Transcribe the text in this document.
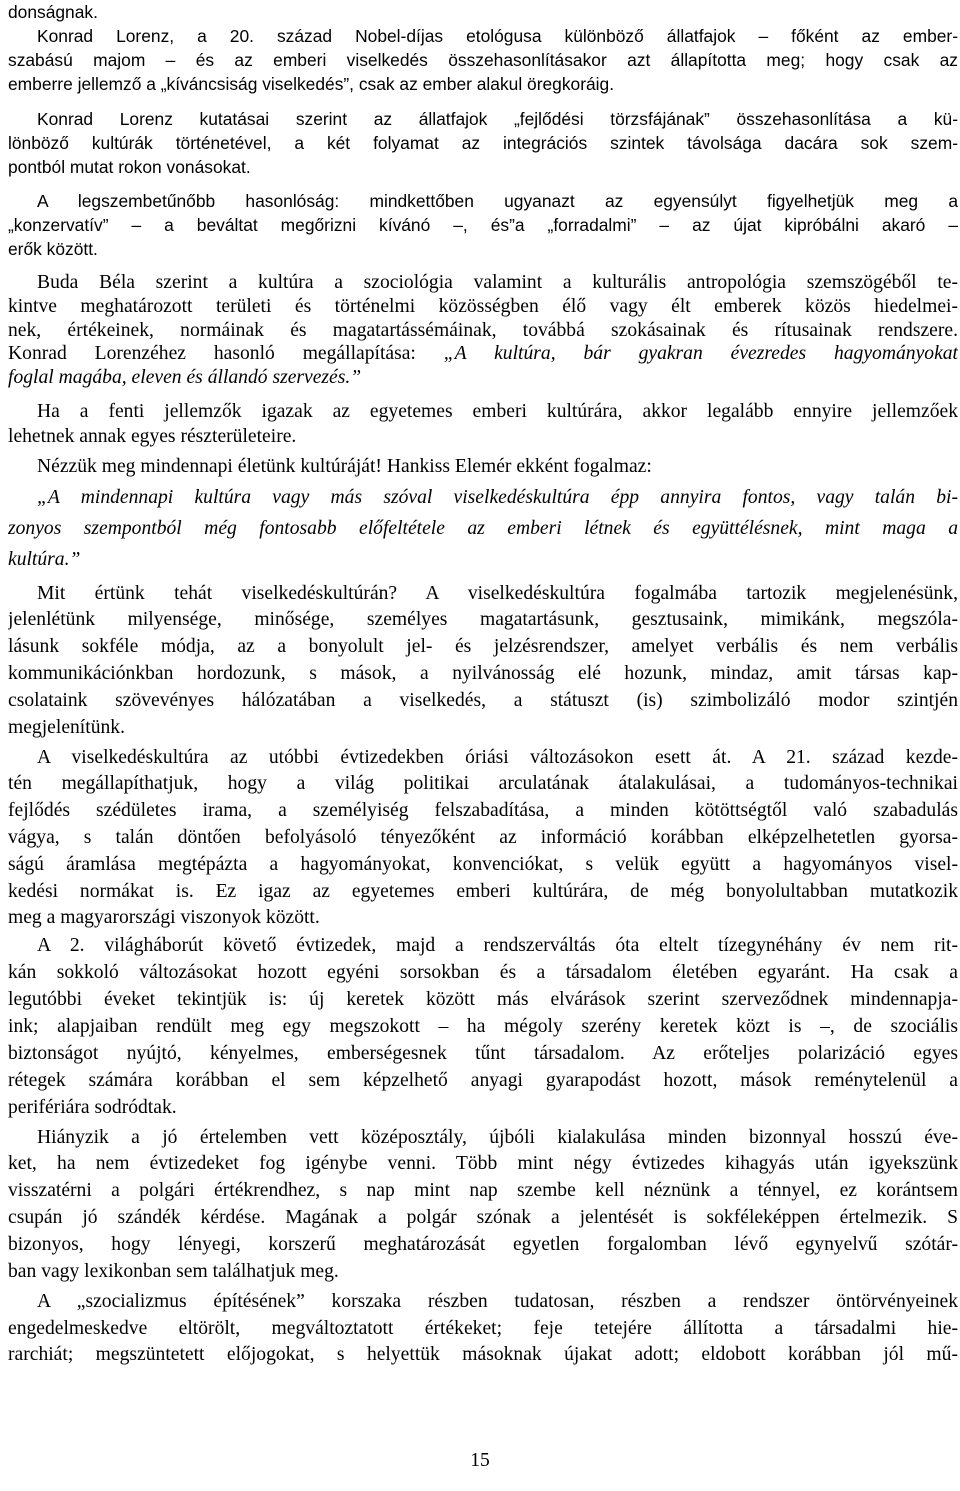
donságnak.
Konrad Lorenz, a 20. század Nobel-díjas etológusa különböző állatfajok – főként az ember-
szabású majom – és az emberi viselkedés összehasonlításakor azt állapította meg; hogy csak az
emberre jellemző a „kíváncsiság viselkedés”, csak az ember alakul öregkoráig.
Konrad Lorenz kutatásai szerint az állatfajok „fejlődési törzsfájának” összehasonlítása a kü-
lönböző kultúrák történetével, a két folyamat az integrációs szintek távolsága dacára sok szem-
pontból mutat rokon vonásokat.
A legszembetűnőbb hasonlóság: mindkettőben ugyanazt az egyensúlyt figyelhetjük meg a
„konzervatív” – a beváltat megőrizni kívánó –, és”a „forradalmi” – az újat kipróbálni akaró –
erők között.
Buda Béla szerint a kultúra a szociológia valamint a kulturális antropológia szemszögéből te-
kintve meghatározott területi és történelmi közösségben élő vagy élt emberek közös hiedelmei-
nek, értékeinek, normáinak és magatartássémáinak, továbbá szokásainak és rítusainak rendszere.
Konrad Lorenzéhez hasonló megállapítása: „A kultúra, bár gyakran évezredes hagyományokat
foglal magába, eleven és állandó szervezés.”
Ha a fenti jellemzők igazak az egyetemes emberi kultúrára, akkor legalább ennyire jellemzőek
lehetnek annak egyes részterületeire.
Nézzük meg mindennapi életünk kultúráját! Hankiss Elemér ekként fogalmaz:
„A mindennapi kultúra vagy más szóval viselkedéskultúra épp annyira fontos, vagy talán bi-
zonyos szempontból még fontosabb előfeltétele az emberi létnek és együttélésnek, mint maga a
kultúra.”
Mit értünk tehát viselkedéskultúrán? A viselkedéskultúra fogalmába tartozik megjelenésünk,
jelenlétünk milyensége, minősége, személyes magatartásunk, gesztusaink, mimikánk, megszóla-
lásunk sokféle módja, az a bonyolult jel- és jelzésrendszer, amelyet verbális és nem verbális
kommunikációnkban hordozunk, s mások, a nyilvánosság elé hozunk, mindaz, amit társas kap-
csolataink szövevényes hálózatában a viselkedés, a státuszt (is) szimbolizáló modor szintjén
megjelenítünk.
A viselkedéskultúra az utóbbi évtizedekben óriási változásokon esett át. A 21. század kezde-
tén megállapíthatjuk, hogy a világ politikai arculatának átalakulásai, a tudományos-technikai
fejlődés szédületes irama, a személyiség felszabadítása, a minden kötöttségtől való szabadulás
vágya, s talán döntően befolyásoló tényezőként az információ korábban elképzelhetetlen gyorsa-
ságú áramlása megtépázta a hagyományokat, konvenciókat, s velük együtt a hagyományos visel-
kedési normákat is. Ez igaz az egyetemes emberi kultúrára, de még bonyolultabban mutatkozik
meg a magyarországi viszonyok között.
A 2. világháborút követő évtizedek, majd a rendszerváltás óta eltelt tízegynéhány év nem rit-
kán sokkoló változásokat hozott egyéni sorsokban és a társadalom életében egyaránt. Ha csak a
legutóbbi éveket tekintjük is: új keretek között más elvárások szerint szerveződnek mindennapja-
ink; alapjaiban rendült meg egy megszokott – ha mégoly szerény keretek közt is –, de szociális
biztonságot nyújtó, kényelmes, emberségesnek tűnt társadalom. Az erőteljes polarizáció egyes
rétegek számára korábban el sem képzelhető anyagi gyarapodást hozott, mások reménytelenül a
perifériára sodródtak.
Hiányzik a jó értelemben vett középosztály, újbóli kialakulása minden bizonnyal hosszú éve-
ket, ha nem évtizedeket fog igénybe venni. Több mint négy évtizedes kihagyás után igyekszünk
visszatérni a polgári értékrendhez, s nap mint nap szembe kell néznünk a ténnyel, ez korántsem
csupán jó szándék kérdése. Magának a polgár szónak a jelentését is sokféleképpen értelmezik. S
bizonyos, hogy lényegi, korszerű meghatározását egyetlen forgalomban lévő egynyelvű szótár-
ban vagy lexikonban sem találhatjuk meg.
A „szocializmus építésének” korszaka részben tudatosan, részben a rendszer öntörvényeinek
engedelmeskedve eltörölt, megváltoztatott értékeket; feje tetejére állította a társadalmi hie-
rarchiát; megszüntetett előjogokat, s helyettük másoknak újakat adott; eldobott korábban jól mű-
15
